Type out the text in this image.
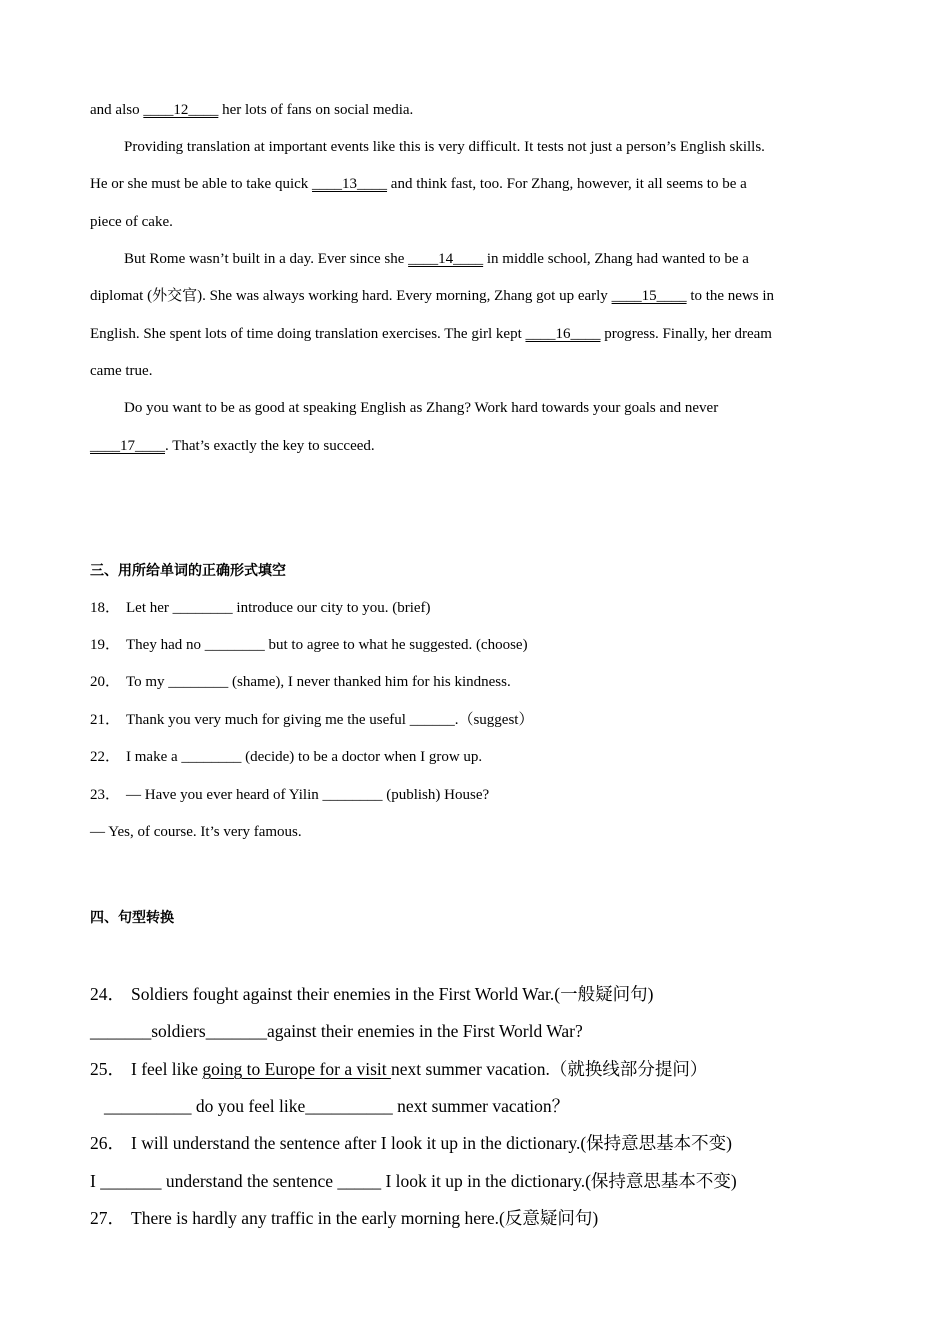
and also ____12____ her lots of fans on social media.
Providing translation at important events like this is very difficult. It tests not just a person’s English skills.
He or she must be able to take quick ____13____ and think fast, too. For Zhang, however, it all seems to be a
piece of cake.
But Rome wasn’t built in a day. Ever since she ____14____ in middle school, Zhang had wanted to be a
diplomat (外交官). She was always working hard. Every morning, Zhang got up early ____15____ to the news in
English. She spent lots of time doing translation exercises. The girl kept ____16____ progress. Finally, her dream
came true.
Do you want to be as good at speaking English as Zhang? Work hard towards your goals and never
____17____. That’s exactly the key to succeed.
三、用所给单词的正确形式填空
18． Let her ________ introduce our city to you. (brief)
19． They had no ________ but to agree to what he suggested. (choose)
20． To my ________ (shame), I never thanked him for his kindness.
21． Thank you very much for giving me the useful ______.（suggest）
22． I make a ________ (decide) to be a doctor when I grow up.
23． — Have you ever heard of Yilin ________ (publish) House?
— Yes, of course. It’s very famous.
四、句型转换
24． Soldiers fought against their enemies in the First World War.(一般疑问句)
_______soldiers_______against their enemies in the First World War?
25． I feel like going to Europe for a visit next summer vacation.（就换线部分提问）
__________ do you feel like__________ next summer vacation？
26． I will understand the sentence after I look it up in the dictionary.(保持意思基本不变)
I _______ understand the sentence _____ I look it up in the dictionary.(保持意思基本不变)
27． There is hardly any traffic in the early morning here.(反意疑问句)
